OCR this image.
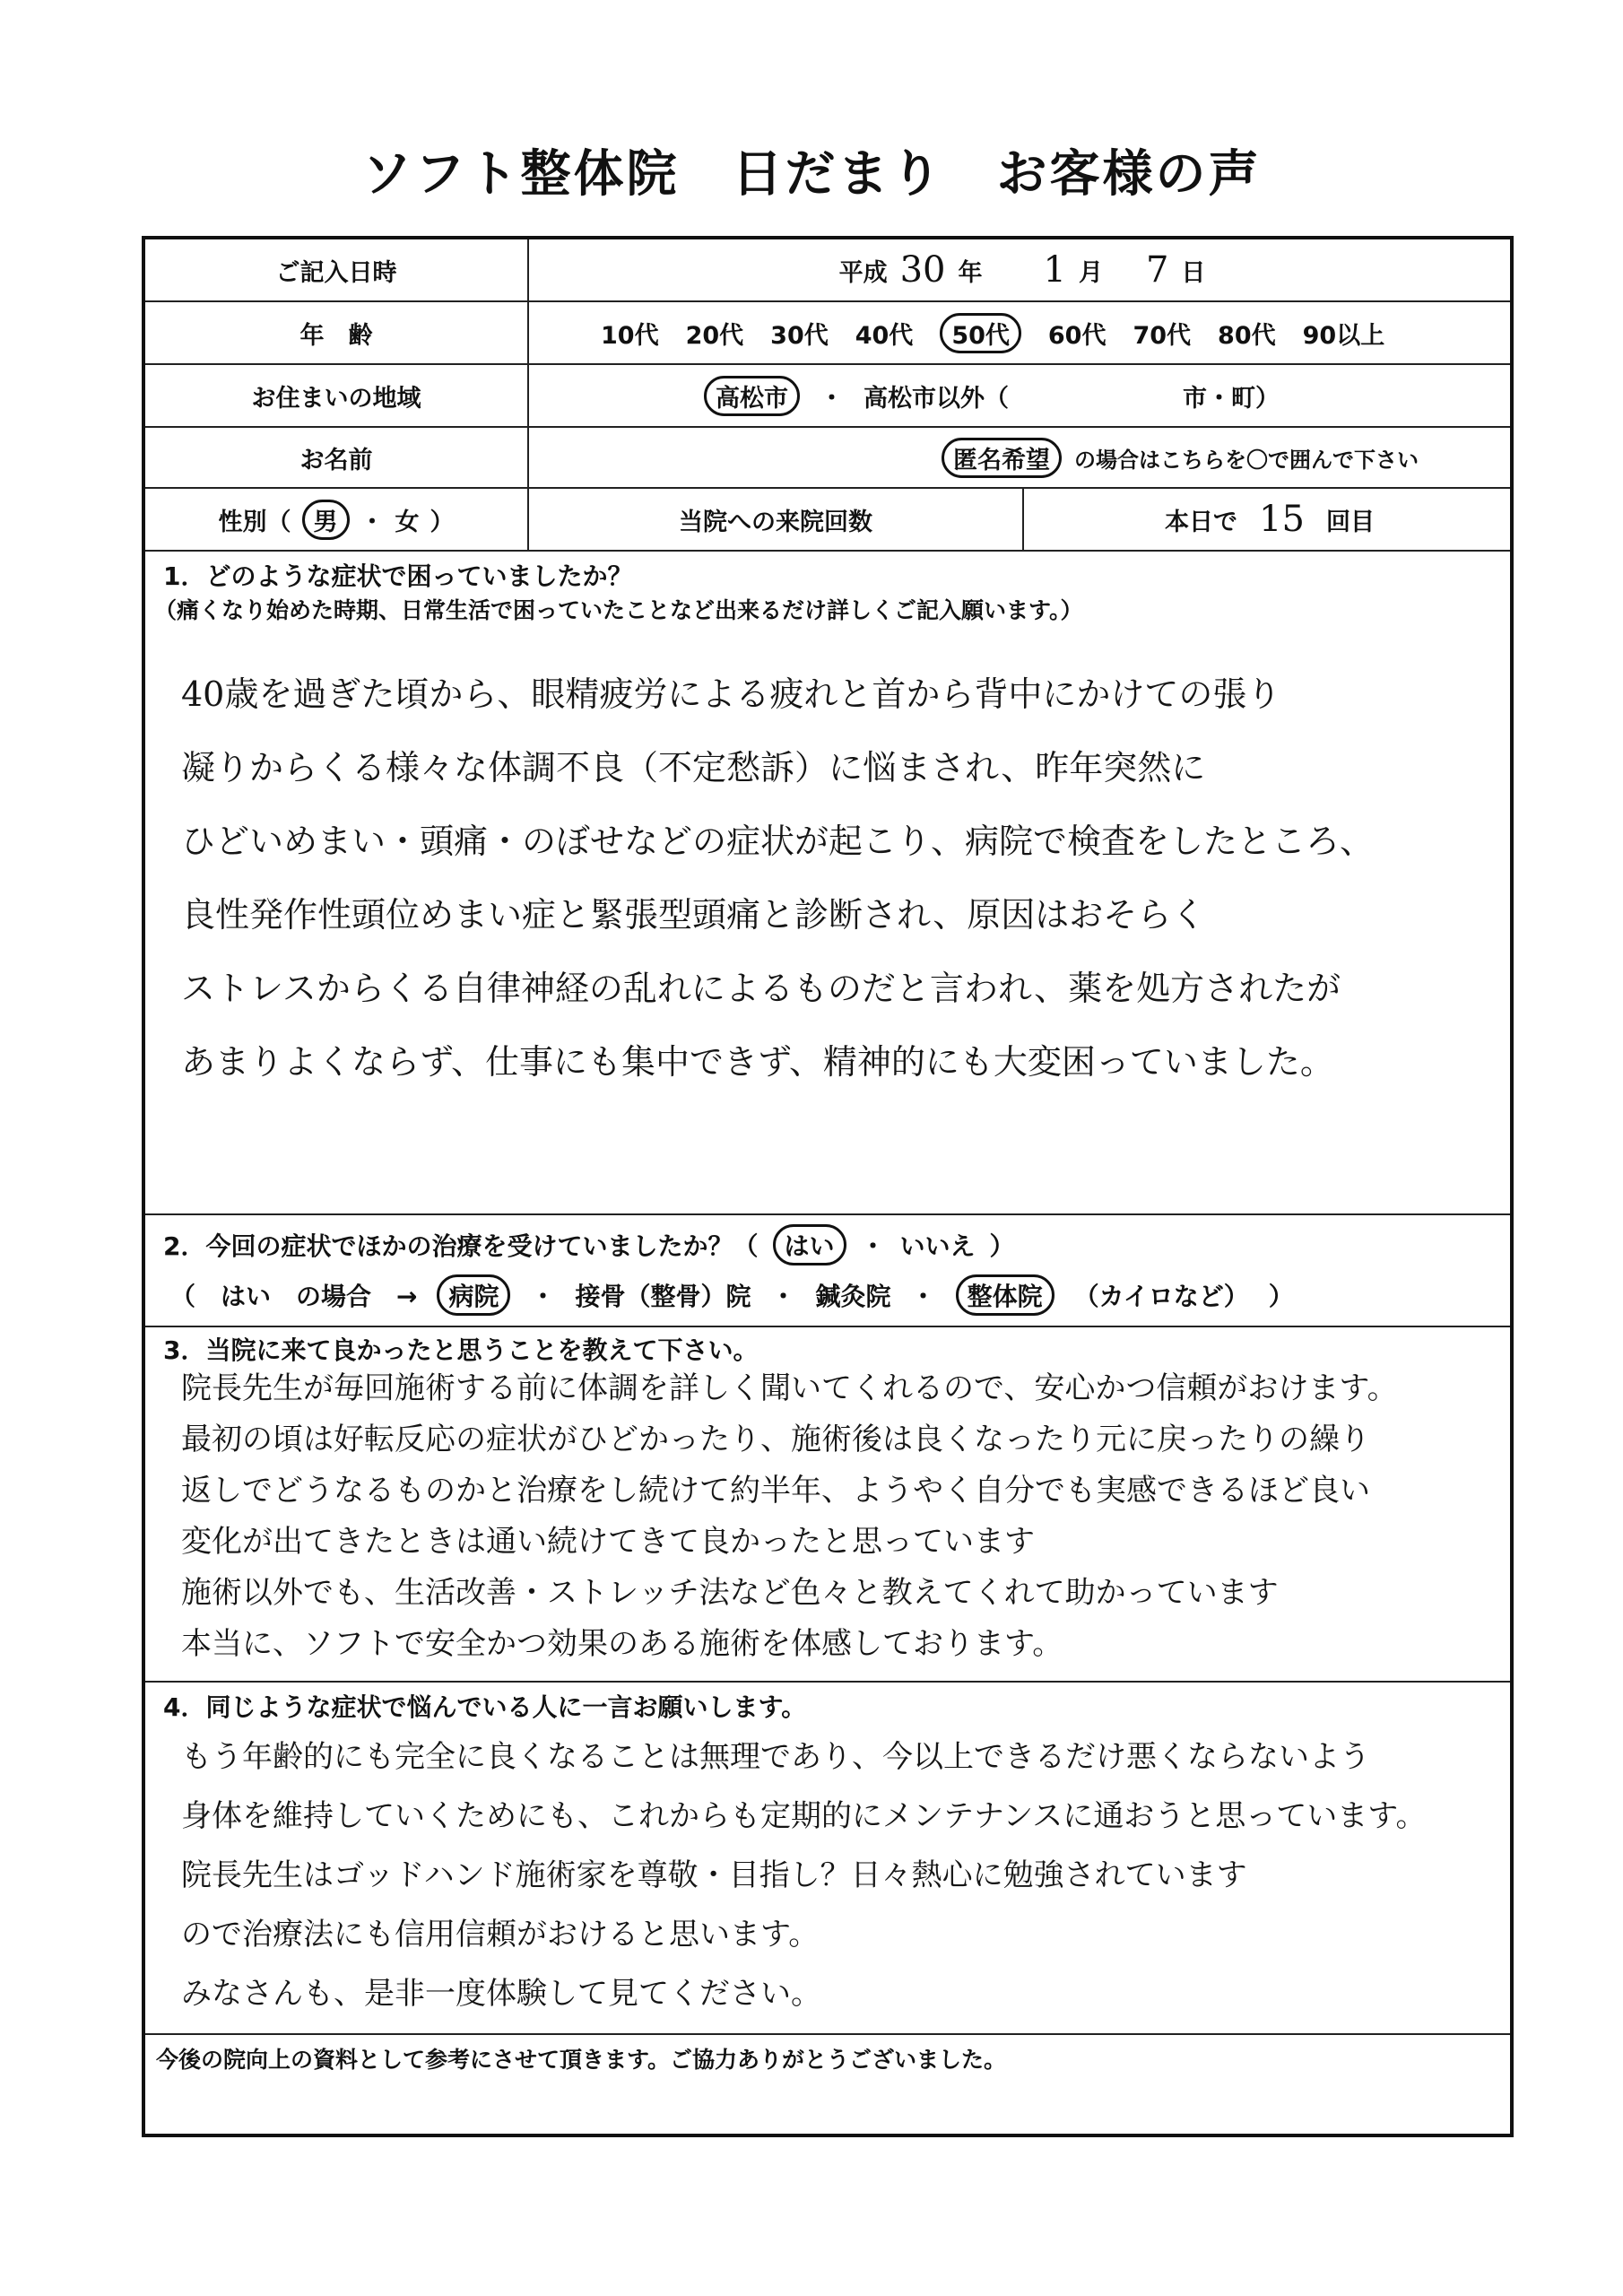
ソフト整体院　日だまり　お客様の声
ご記入日時	平成 30 年 1 月 7 日
年　齢	10代 20代 30代 40代	50代	60代 70代 80代 90以上
お住まいの地域	高松市	・ 高松市以外（	市・町）
お名前	匿名希望	の場合はこちらを〇で囲んで下さい
性別（ 男 ・ 女 ）	当院への来院回数	本日で 15 回目
1．どのような症状で困っていましたか？
（痛くなり始めた時期、日常生活で困っていたことなど出来るだけ詳しくご記入願います。）
40歳を過ぎた頃から、眼精疲労による疲れと首から背中にかけての張り
凝りからくる様々な体調不良（不定愁訴）に悩まされ、昨年突然に
ひどいめまい・頭痛・のぼせなどの症状が起こり、病院で検査をしたところ、
良性発作性頭位めまい症と緊張型頭痛と診断され、原因はおそらく
ストレスからくる自律神経の乱れによるものだと言われ、薬を処方されたが
あまりよくならず、仕事にも集中できず、精神的にも大変困っていました。
2．今回の症状でほかの治療を受けていましたか？（	はい	・ いいえ ）
（　はい　の場合　→	病院	・ 接骨（整骨）院 ・ 鍼灸院 ・	整体院	（カイロなど） ）
3．当院に来て良かったと思うことを教えて下さい。
院長先生が毎回施術する前に体調を詳しく聞いてくれるので、安心かつ信頼がおけます。
最初の頃は好転反応の症状がひどかったり、施術後は良くなったり元に戻ったりの繰り
返しでどうなるものかと治療をし続けて約半年、ようやく自分でも実感できるほど良い
変化が出てきたときは通い続けてきて良かったと思っています
施術以外でも、生活改善・ストレッチ法など色々と教えてくれて助かっています
本当に、ソフトで安全かつ効果のある施術を体感しております。
4．同じような症状で悩んでいる人に一言お願いします。
もう年齢的にも完全に良くなることは無理であり、今以上できるだけ悪くならないよう
身体を維持していくためにも、これからも定期的にメンテナンスに通おうと思っています。
院長先生はゴッドハンド施術家を尊敬・目指し？日々熱心に勉強されています
ので治療法にも信用信頼がおけると思います。
みなさんも、是非一度体験して見てください。
今後の院向上の資料として参考にさせて頂きます。ご協力ありがとうございました。
